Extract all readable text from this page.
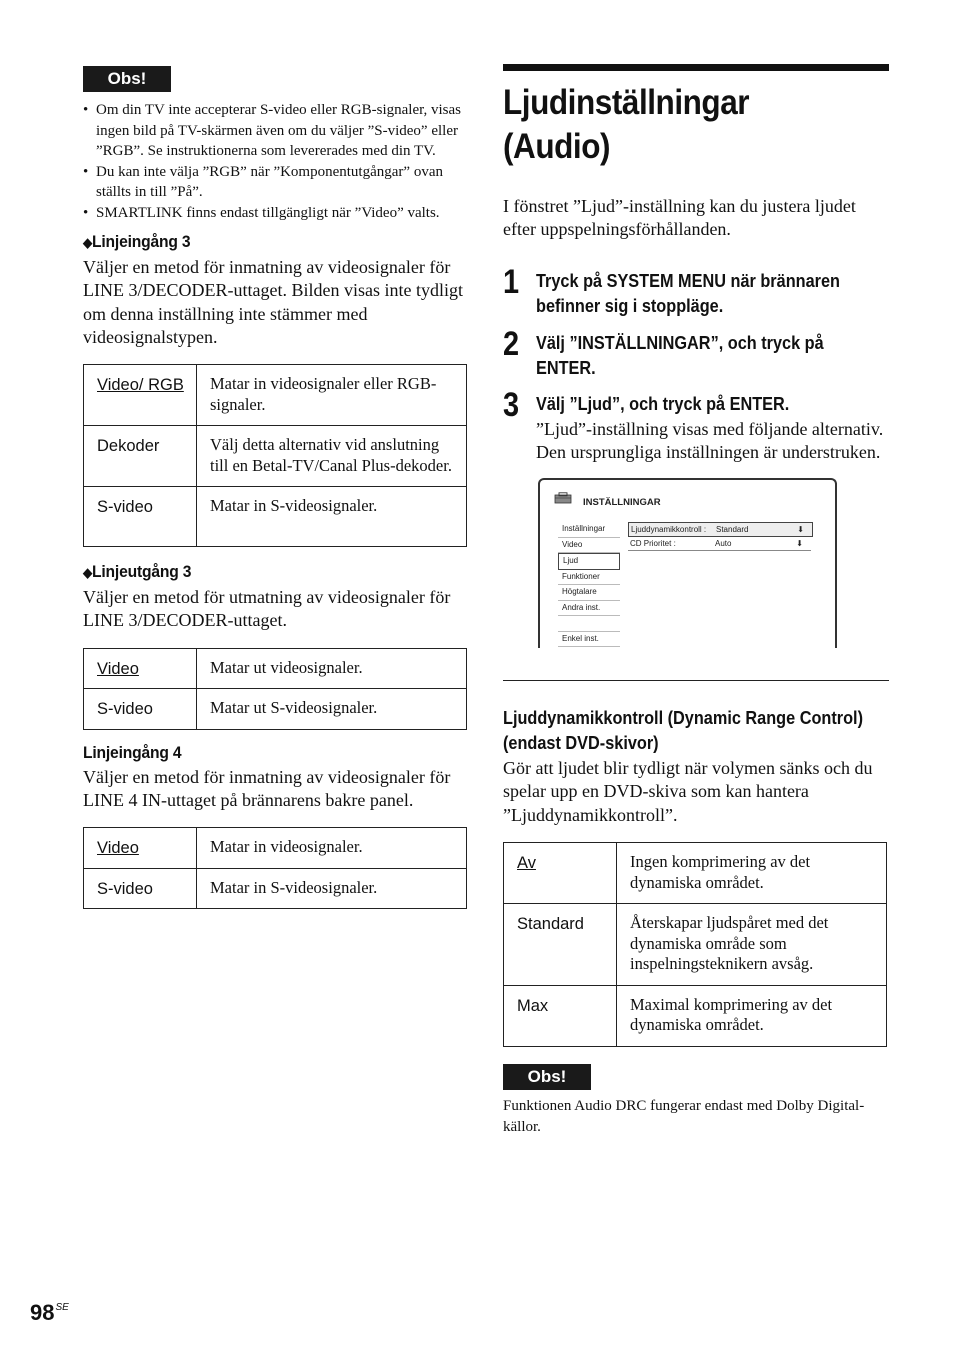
Obs!
• Om din TV inte accepterar S-video eller RGB-signaler, visas ingen bild på TV-skärmen även om du väljer ”S-video” eller ”RGB”. Se instruktionerna som levererades med din TV.
• Du kan inte välja ”RGB” när ”Komponentutgångar” ovan ställts in till ”På”.
• SMARTLINK finns endast tillgängligt när ”Video” valts.
◆Linjeingång 3
Väljer en metod för inmatning av videosignaler för LINE 3/DECODER-uttaget. Bilden visas inte tydligt om denna inställning inte stämmer med videosignalstypen.
Video/ RGB	Matar in videosignaler eller RGB-signaler.
Dekoder	Välj detta alternativ vid anslutning till en Betal-TV/Canal Plus-dekoder.
S-video	Matar in S-videosignaler.
◆Linjeutgång 3
Väljer en metod för utmatning av videosignaler för LINE 3/DECODER-uttaget.
Video	Matar ut videosignaler.
S-video	Matar ut S-videosignaler.
Linjeingång 4
Väljer en metod för inmatning av videosignaler för LINE 4 IN-uttaget på brännarens bakre panel.
Video	Matar in videosignaler.
S-video	Matar in S-videosignaler.
Ljudinställningar (Audio)
I fönstret ”Ljud”-inställning kan du justera ljudet efter uppspelningsförhållanden.
1 Tryck på SYSTEM MENU när brännaren befinner sig i stoppläge.
2 Välj ”INSTÄLLNINGAR”, och tryck på ENTER.
3 Välj ”Ljud”, och tryck på ENTER.
”Ljud”-inställning visas med följande alternativ. Den ursprungliga inställningen är understruken.
INSTÄLLNINGAR
Inställningar
Video
Ljud
Funktioner
Högtalare
Andra inst.
Enkel inst.
Ljuddynamikkontroll : Standard	⬇
CD Prioritet :	Auto	⬇
Ljuddynamikkontroll (Dynamic Range Control) (endast DVD-skivor)
Gör att ljudet blir tydligt när volymen sänks och du spelar upp en DVD-skiva som kan hantera ”Ljuddynamikkontroll”.
Av	Ingen komprimering av det dynamiska området.
Standard	Återskapar ljudspåret med det dynamiska område som inspelningsteknikern avsåg.
Max	Maximal komprimering av det dynamiska området.
Obs!
Funktionen Audio DRC fungerar endast med Dolby Digital-källor.
$98^{SE}$
